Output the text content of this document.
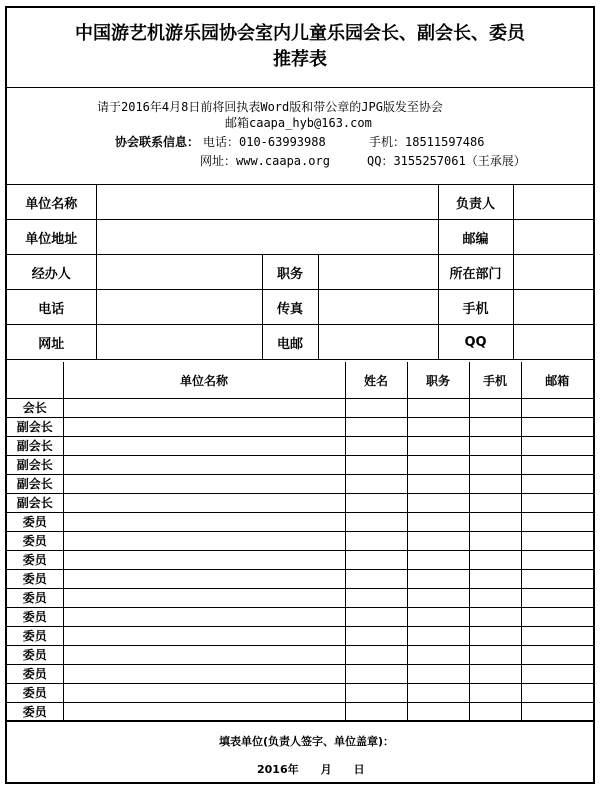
中国游艺机游乐园协会室内儿童乐园会长、副会长、委员
推荐表
请于2016年4月8日前将回执表Word版和带公章的JPG版发至协会
邮箱caapa_hyb@163.com
协会联系信息： 电话：010-63993988	手机：18511597486
网址：www.caapa.org	QQ：3155257061（王承展）
单位名称				负责人	
单位地址				邮编	
经办人		职务		所在部门	
电话		传真		手机	
网址		电邮		QQ	
	单位名称	姓名	职务	手机	邮箱
会长					
副会长					
副会长					
副会长					
副会长					
副会长					
委员					
委员					
委员					
委员					
委员					
委员					
委员					
委员					
委员					
委员					
委员					
填表单位(负责人签字、单位盖章)：
2016年　　月　　日
